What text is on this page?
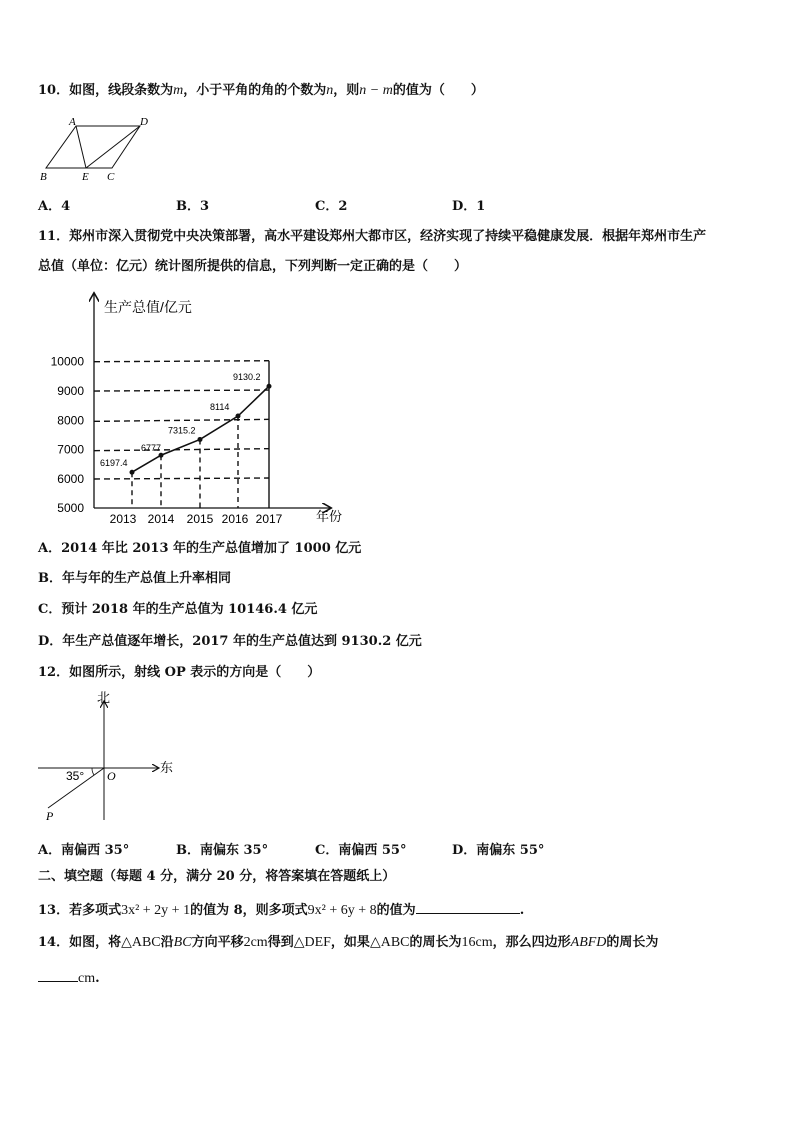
10．如图，线段条数为m，小于平角的角的个数为n，则n − m的值为（　　）
A	D
B	E C
A．4	B．3	C．2	D．1
11．郑州市深入贯彻党中央决策部署，高水平建设郑州大都市区，经济实现了持续平稳健康发展．根据年郑州市生产
总值（单位：亿元）统计图所提供的信息，下列判断一定正确的是（　　）
生产总值/亿元
年份
5000
6000
7000
8000
9000
10000
2013 2014 2015 2016 2017
6197.4
6777
7315.2
8114
9130.2
A．2014 年比 2013 年的生产总值增加了 1000 亿元
B．年与年的生产总值上升率相同
C．预计 2018 年的生产总值为 10146.4 亿元
D．年生产总值逐年增长，2017 年的生产总值达到 9130.2 亿元
12．如图所示，射线 OP 表示的方向是（　　）
北
东
35° O
P
A．南偏西 35°	B．南偏东 35°	C．南偏西 55°	D．南偏东 55°
二、填空题（每题 4 分，满分 20 分，将答案填在答题纸上）
13．若多项式3x² + 2y + 1的值为 8，则多项式9x² + 6y + 8的值为	.
14．如图，将△ABC沿BC方向平移2cm得到△DEF，如果△ABC的周长为16cm，那么四边形ABFD的周长为
cm.
